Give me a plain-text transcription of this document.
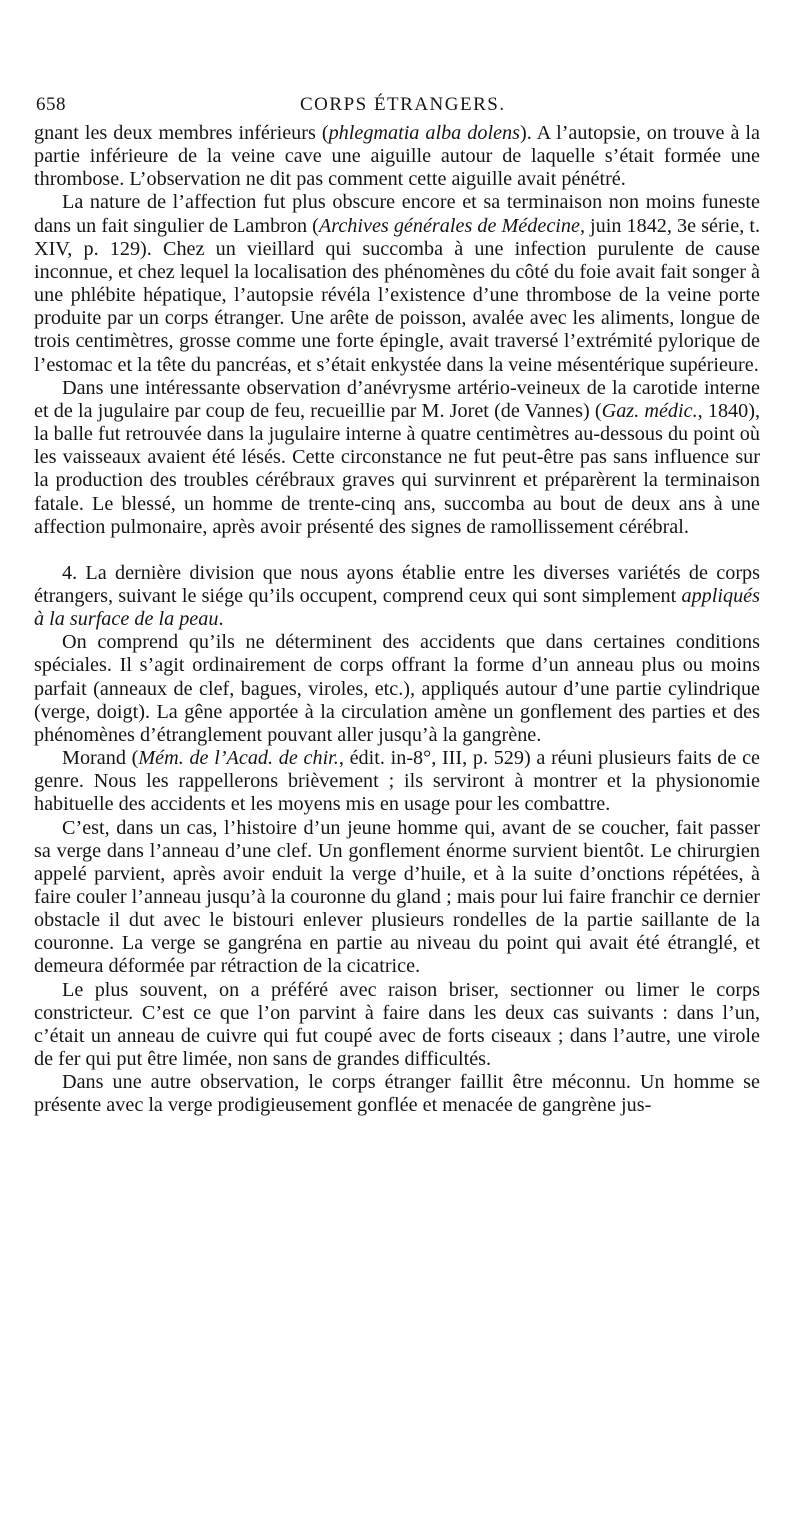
658	CORPS ÉTRANGERS.

gnant les deux membres inférieurs (phlegmatia alba dolens). A l’autopsie, on trouve à la partie inférieure de la veine cave une aiguille autour de laquelle s’était formée une thrombose. L’observation ne dit pas comment cette aiguille avait pénétré.

La nature de l’affection fut plus obscure encore et sa terminaison non moins funeste dans un fait singulier de Lambron (Archives générales de Médecine, juin 1842, 3e série, t. XIV, p. 129). Chez un vieillard qui succomba à une infection purulente de cause inconnue, et chez lequel la localisation des phénomènes du côté du foie avait fait songer à une phlébite hépatique, l’autopsie révéla l’existence d’une thrombose de la veine porte produite par un corps étranger. Une arête de poisson, avalée avec les aliments, longue de trois centimètres, grosse comme une forte épingle, avait traversé l’extrémité pylorique de l’estomac et la tête du pancréas, et s’était enkystée dans la veine mésentérique supérieure.

Dans une intéressante observation d’anévrysme artério-veineux de la carotide interne et de la jugulaire par coup de feu, recueillie par M. Joret (de Vannes) (Gaz. médic., 1840), la balle fut retrouvée dans la jugulaire interne à quatre centimètres au-dessous du point où les vaisseaux avaient été lésés. Cette circonstance ne fut peut-être pas sans influence sur la production des troubles cérébraux graves qui survinrent et préparèrent la terminaison fatale. Le blessé, un homme de trente-cinq ans, succomba au bout de deux ans à une affection pulmonaire, après avoir présenté des signes de ramollissement cérébral.

4. La dernière division que nous ayons établie entre les diverses variétés de corps étrangers, suivant le siége qu’ils occupent, comprend ceux qui sont simplement appliqués à la surface de la peau.

On comprend qu’ils ne déterminent des accidents que dans certaines conditions spéciales. Il s’agit ordinairement de corps offrant la forme d’un anneau plus ou moins parfait (anneaux de clef, bagues, viroles, etc.), appliqués autour d’une partie cylindrique (verge, doigt). La gêne apportée à la circulation amène un gonflement des parties et des phénomènes d’étranglement pouvant aller jusqu’à la gangrène.

Morand (Mém. de l’Acad. de chir., édit. in-8°, III, p. 529) a réuni plusieurs faits de ce genre. Nous les rappellerons brièvement ; ils serviront à montrer et la physionomie habituelle des accidents et les moyens mis en usage pour les combattre.

C’est, dans un cas, l’histoire d’un jeune homme qui, avant de se coucher, fait passer sa verge dans l’anneau d’une clef. Un gonflement énorme survient bientôt. Le chirurgien appelé parvient, après avoir enduit la verge d’huile, et à la suite d’onctions répétées, à faire couler l’anneau jusqu’à la couronne du gland ; mais pour lui faire franchir ce dernier obstacle il dut avec le bistouri enlever plusieurs rondelles de la partie saillante de la couronne. La verge se gangréna en partie au niveau du point qui avait été étranglé, et demeura déformée par rétraction de la cicatrice.

Le plus souvent, on a préféré avec raison briser, sectionner ou limer le corps constricteur. C’est ce que l’on parvint à faire dans les deux cas suivants : dans l’un, c’était un anneau de cuivre qui fut coupé avec de forts ciseaux ; dans l’autre, une virole de fer qui put être limée, non sans de grandes difficultés.

Dans une autre observation, le corps étranger faillit être méconnu. Un homme se présente avec la verge prodigieusement gonflée et menacée de gangrène jus-
